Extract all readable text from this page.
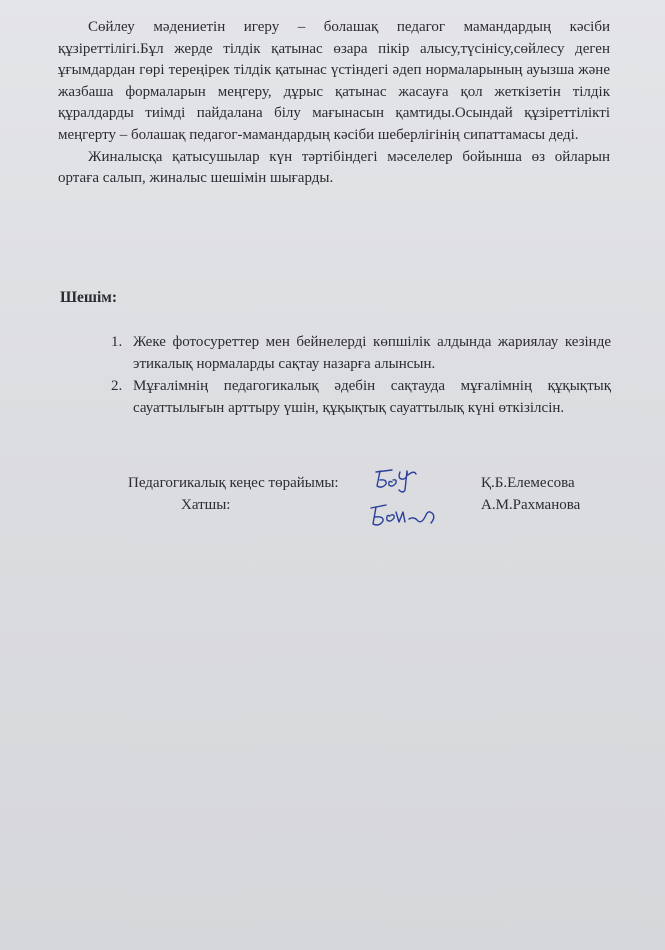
Сөйлеу мәдениетін игеру – болашақ педагог мамандардың кәсіби құзіреттілігі.Бұл жерде тілдік қатынас өзара пікір алысу,түсінісу,сөйлесу деген ұғымдардан гөрі тереңірек тілдік қатынас үстіндегі әдеп нормаларының ауызша және жазбаша формаларын меңгеру, дұрыс қатынас жасауға қол жеткізетін тілдік құралдарды тиімді пайдалана білу мағынасын қамтиды.Осындай құзіреттілікті меңгерту – болашақ педагог-мамандардың кәсіби шеберлігінің сипаттамасы деді.

Жиналысқа қатысушылар күн тәртібіндегі мәселелер бойынша өз ойларын ортаға салып, жиналыс шешімін шығарды.

Шешім:
1. Жеке фотосуреттер мен бейнелерді көпшілік алдында жариялау кезінде этикалық нормаларды сақтау назарға алынсын.
2. Мұғалімнің педагогикалық әдебін сақтауда мұғалімнің құқықтық сауаттылығын арттыру үшін, құқықтық сауаттылық күні өткізілсін.
Педагогикалық кеңес төрайымы:
Хатшы:
Қ.Б.Елемесова
А.М.Рахманова
